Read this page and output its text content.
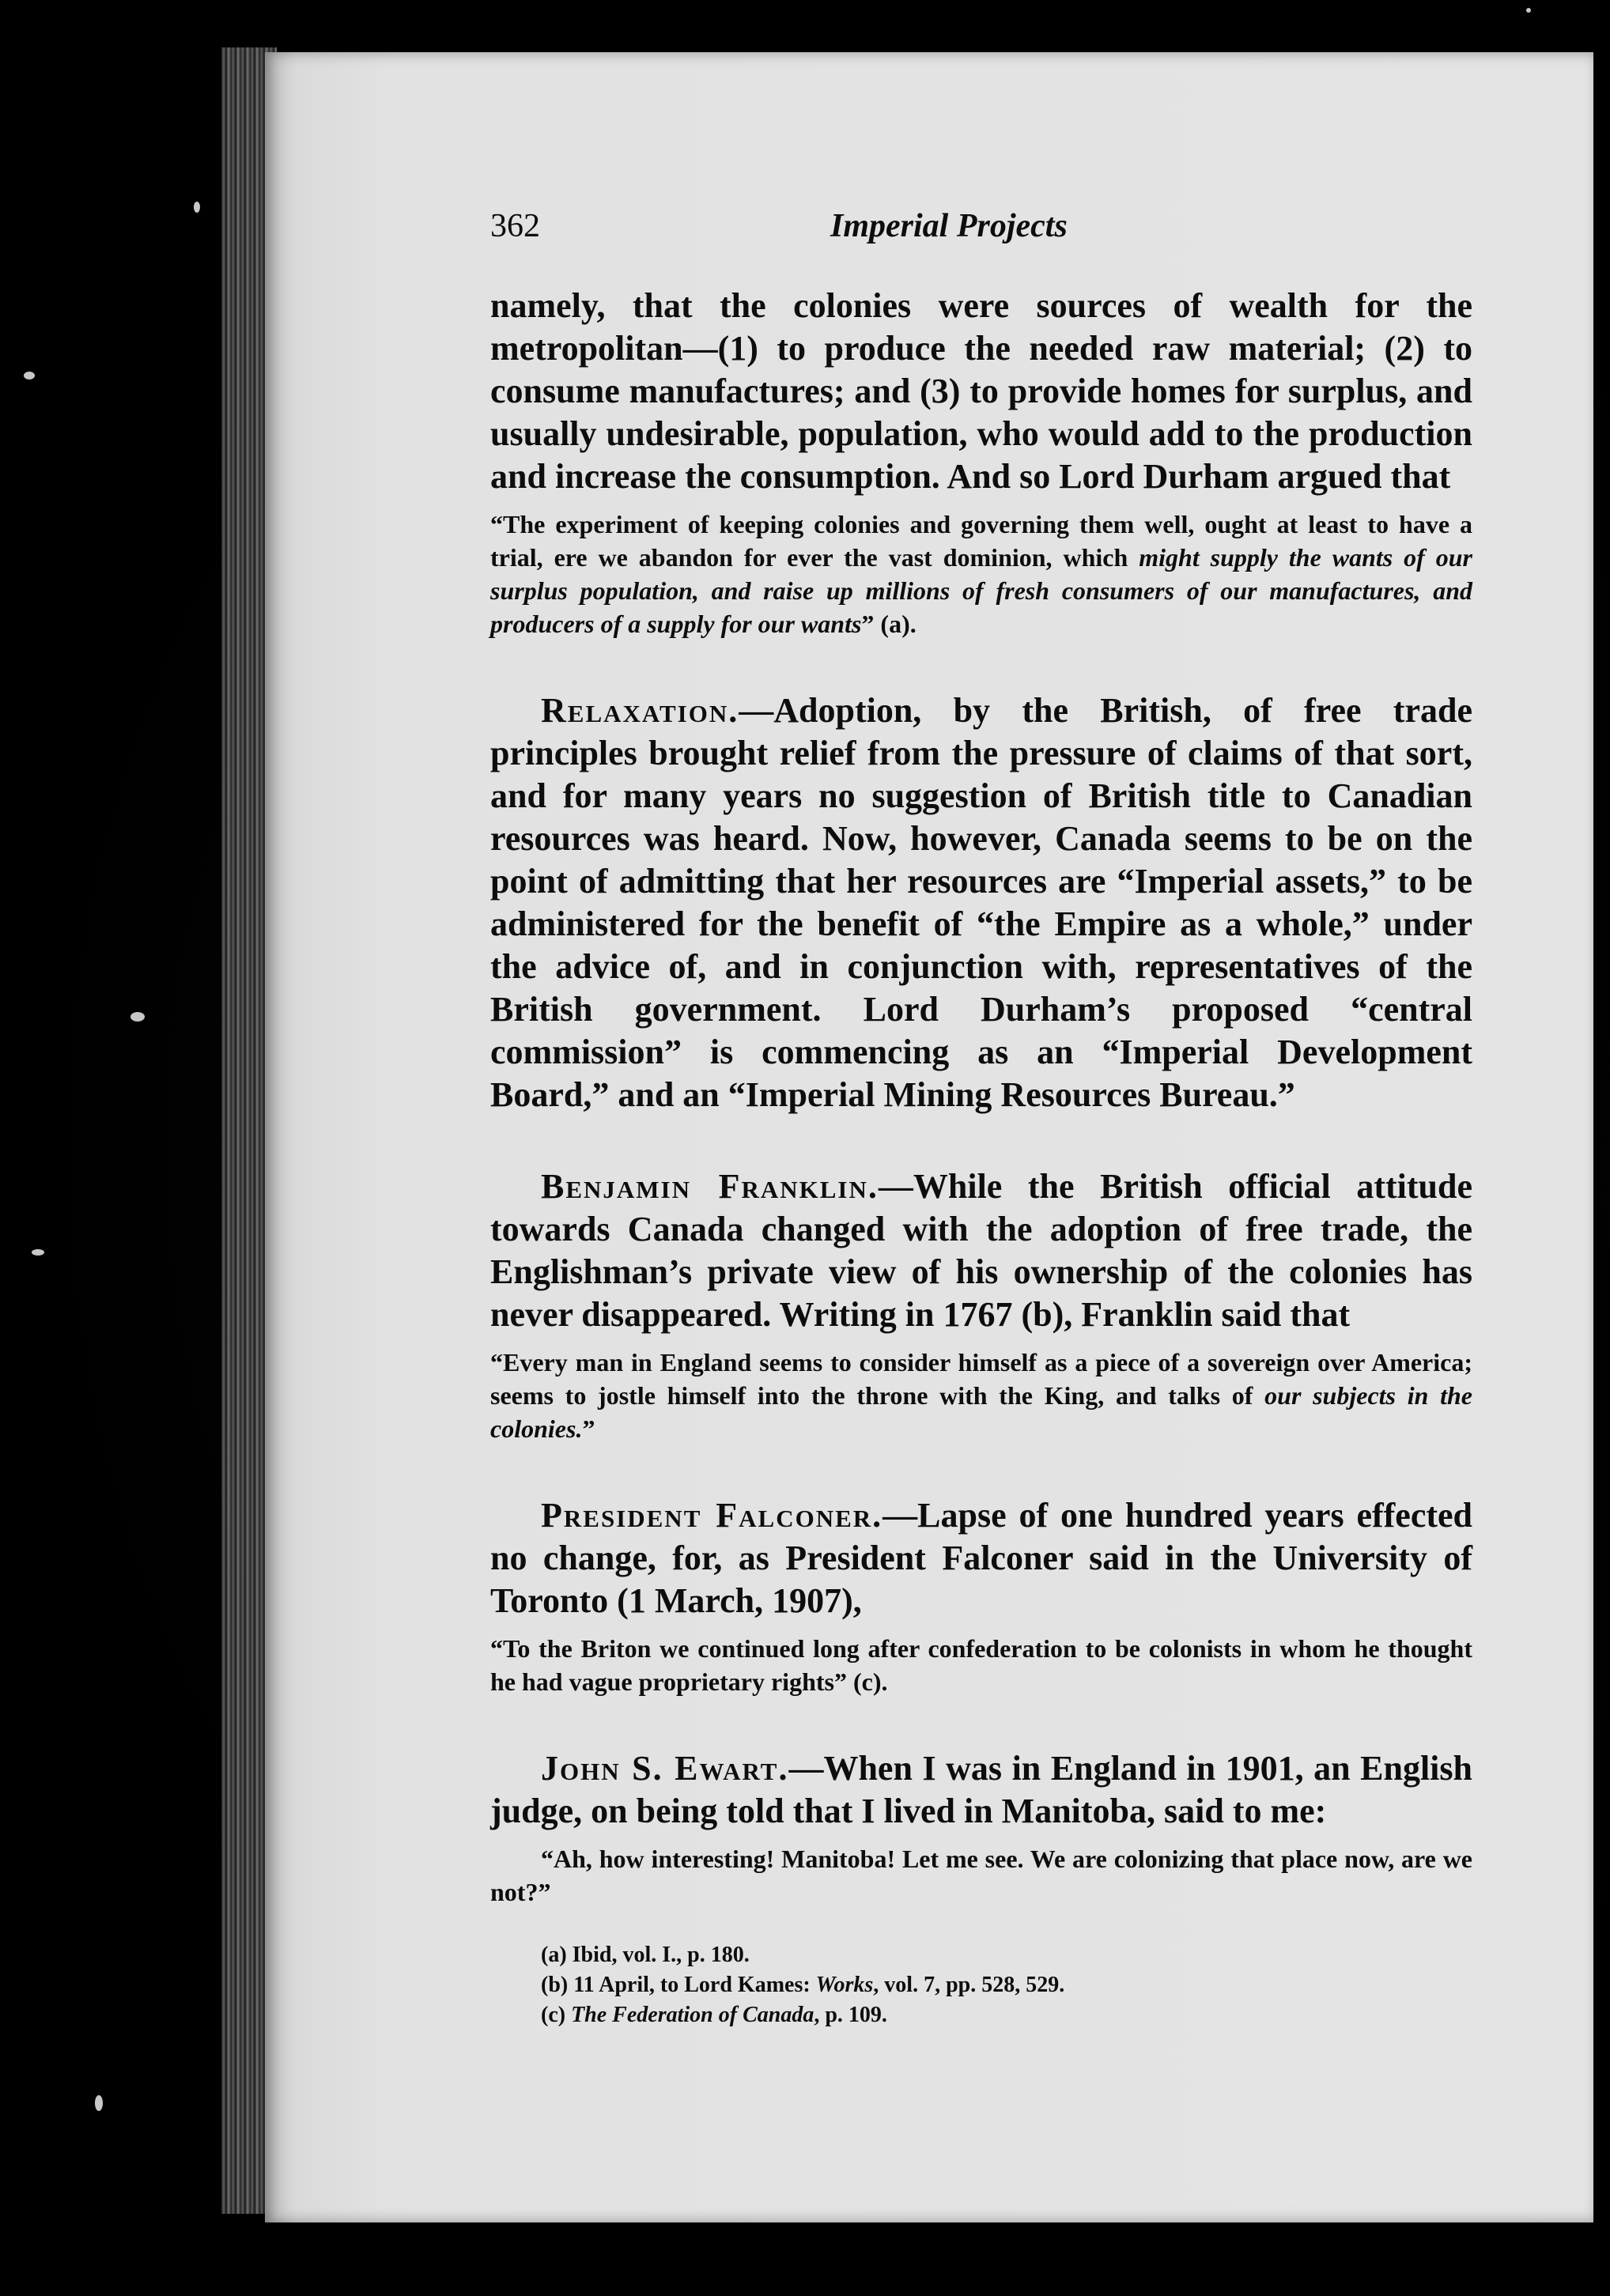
362	Imperial Projects

namely, that the colonies were sources of wealth for the metropolitan—(1) to produce the needed raw material; (2) to consume manufactures; and (3) to provide homes for surplus, and usually undesirable, population, who would add to the production and increase the consumption. And so Lord Durham argued that

“The experiment of keeping colonies and governing them well, ought at least to have a trial, ere we abandon for ever the vast dominion, which might supply the wants of our surplus population, and raise up millions of fresh consumers of our manufactures, and producers of a supply for our wants” (a).

Relaxation.—Adoption, by the British, of free trade principles brought relief from the pressure of claims of that sort, and for many years no suggestion of British title to Canadian resources was heard. Now, however, Canada seems to be on the point of admitting that her resources are “Imperial assets,” to be administered for the benefit of “the Empire as a whole,” under the advice of, and in conjunction with, representatives of the British government. Lord Durham’s proposed “central commission” is commencing as an “Imperial Development Board,” and an “Imperial Mining Resources Bureau.”

Benjamin Franklin.—While the British official attitude towards Canada changed with the adoption of free trade, the Englishman’s private view of his ownership of the colonies has never disappeared. Writing in 1767 (b), Franklin said that

“Every man in England seems to consider himself as a piece of a sovereign over America; seems to jostle himself into the throne with the King, and talks of our subjects in the colonies.”

President Falconer.—Lapse of one hundred years effected no change, for, as President Falconer said in the University of Toronto (1 March, 1907),

“To the Briton we continued long after confederation to be colonists in whom he thought he had vague proprietary rights” (c).

John S. Ewart.—When I was in England in 1901, an English judge, on being told that I lived in Manitoba, said to me:

“Ah, how interesting! Manitoba! Let me see. We are colonizing that place now, are we not?”

(a) Ibid, vol. I., p. 180.

(b) 11 April, to Lord Kames: Works, vol. 7, pp. 528, 529.

(c) The Federation of Canada, p. 109.
